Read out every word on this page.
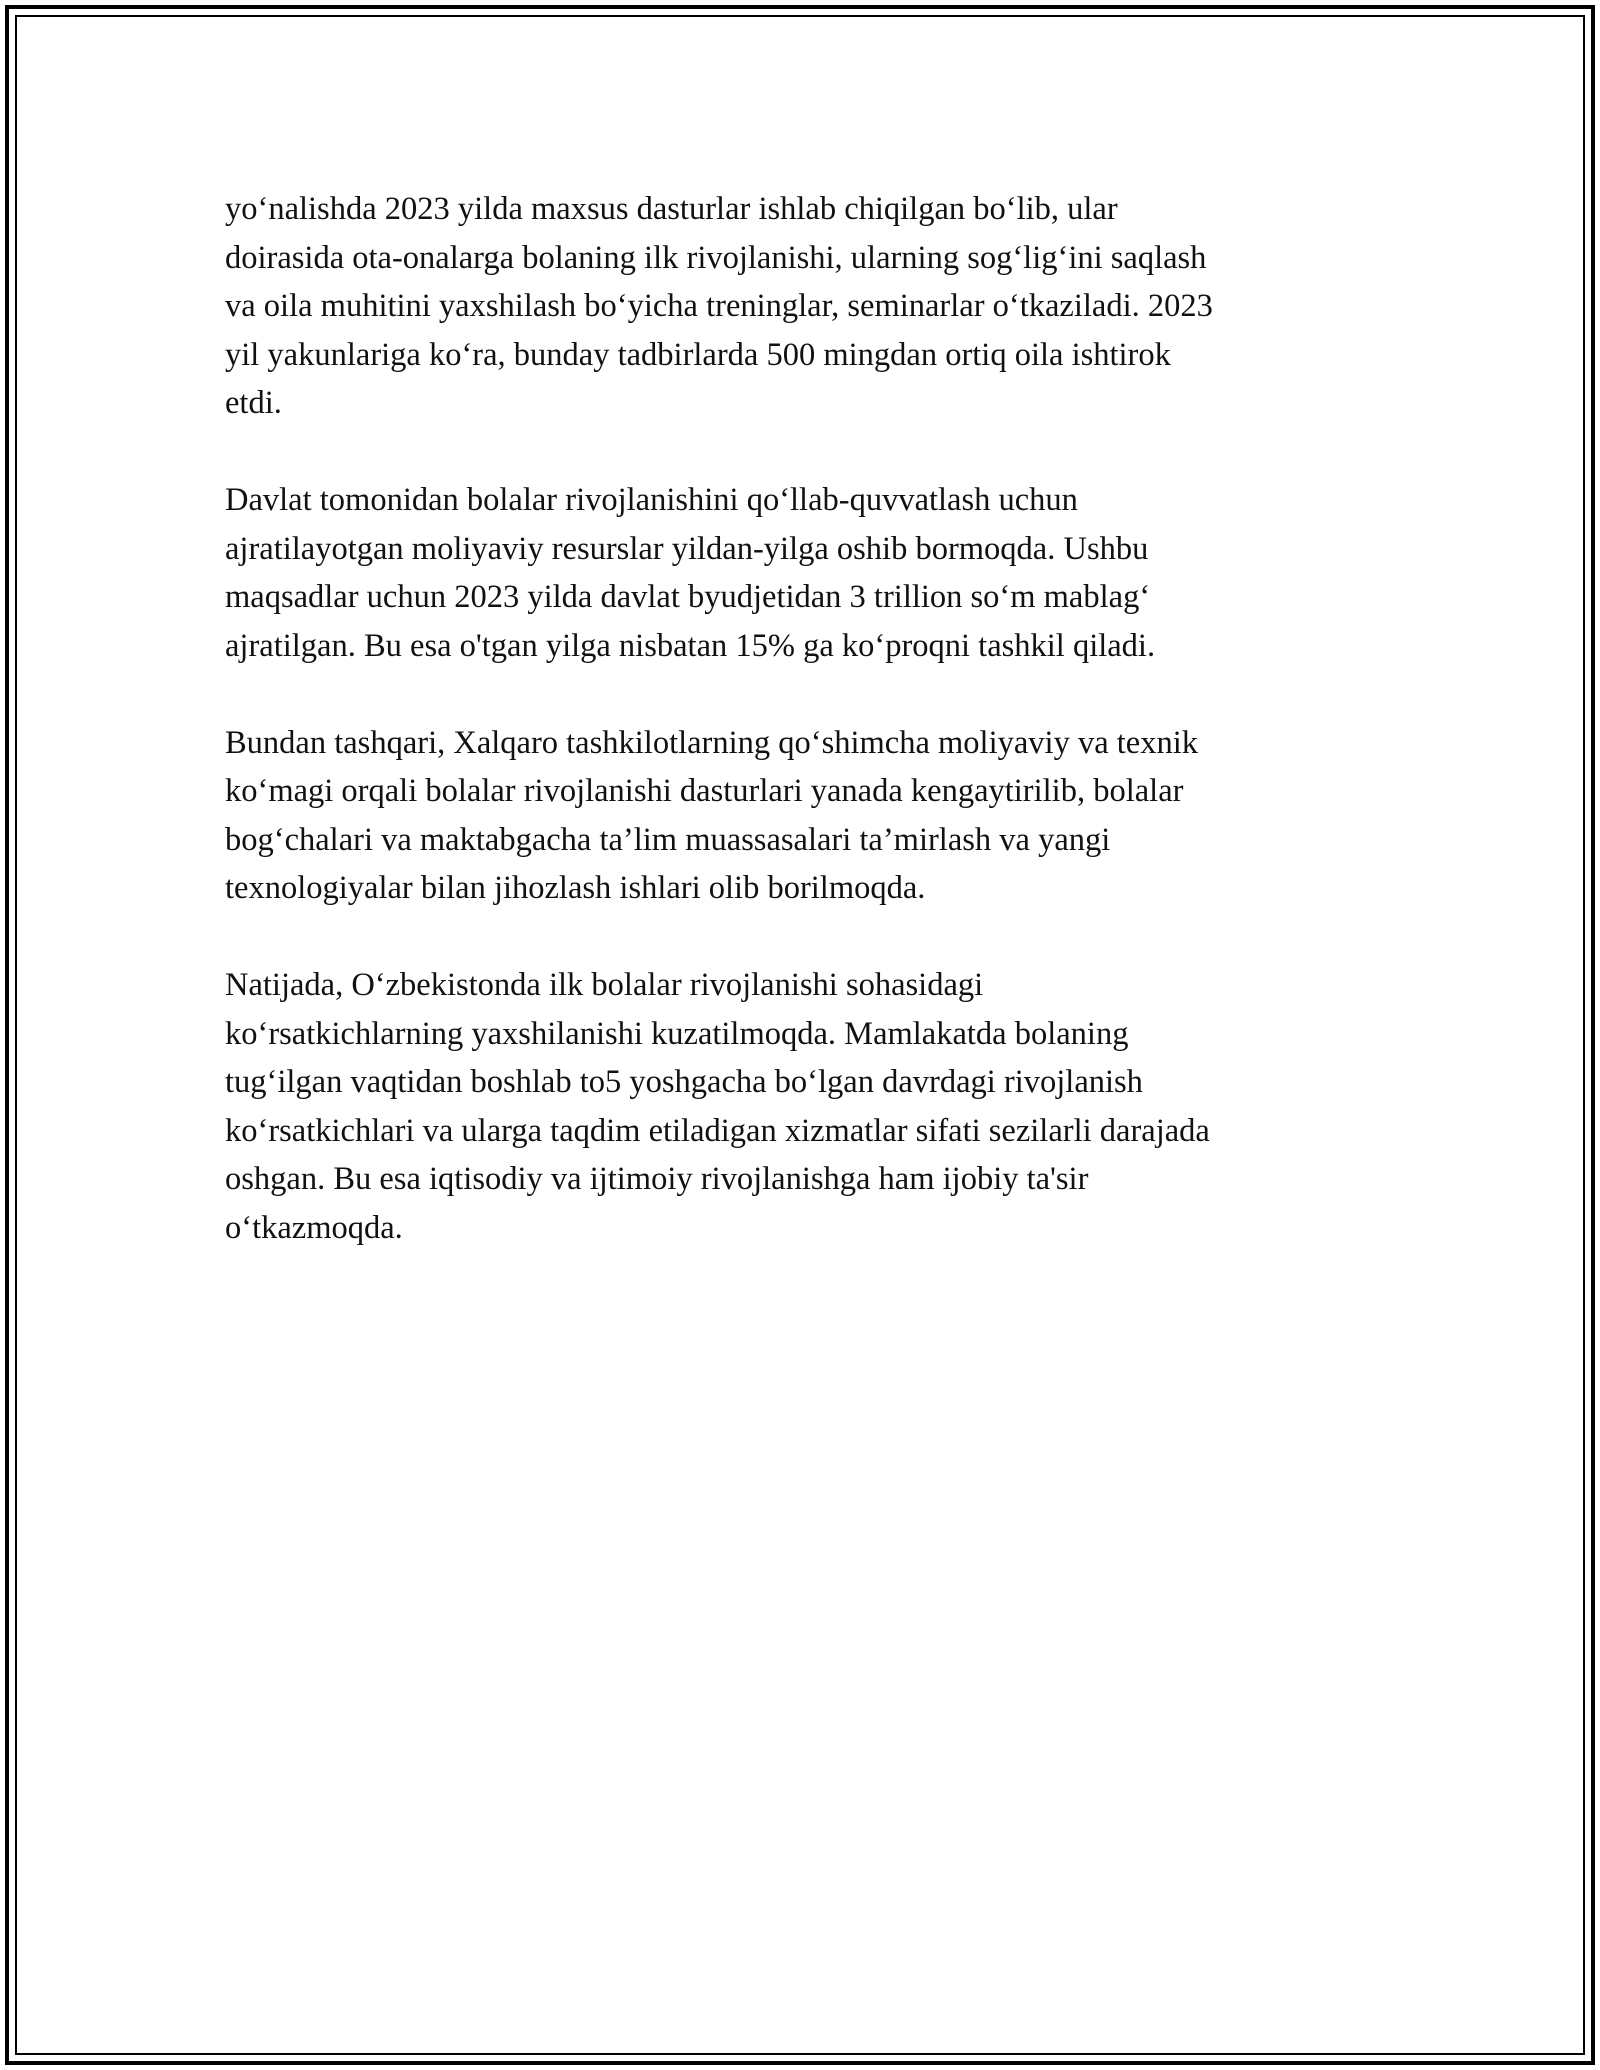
yo‘nalishda 2023 yilda maxsus dasturlar ishlab chiqilgan bo‘lib, ular
doirasida ota-onalarga bolaning ilk rivojlanishi, ularning sog‘lig‘ini saqlash
va oila muhitini yaxshilash bo‘yicha treninglar, seminarlar o‘tkaziladi. 2023
yil yakunlariga ko‘ra, bunday tadbirlarda 500 mingdan ortiq oila ishtirok
etdi.

Davlat tomonidan bolalar rivojlanishini qo‘llab-quvvatlash uchun
ajratilayotgan moliyaviy resurslar yildan-yilga oshib bormoqda. Ushbu
maqsadlar uchun 2023 yilda davlat byudjetidan 3 trillion so‘m mablag‘
ajratilgan. Bu esa o'tgan yilga nisbatan 15% ga ko‘proqni tashkil qiladi.

Bundan tashqari, Xalqaro tashkilotlarning qo‘shimcha moliyaviy va texnik
ko‘magi orqali bolalar rivojlanishi dasturlari yanada kengaytirilib, bolalar
bog‘chalari va maktabgacha ta’lim muassasalari ta’mirlash va yangi
texnologiyalar bilan jihozlash ishlari olib borilmoqda.

Natijada, O‘zbekistonda ilk bolalar rivojlanishi sohasidagi
ko‘rsatkichlarning yaxshilanishi kuzatilmoqda. Mamlakatda bolaning
tug‘ilgan vaqtidan boshlab to5 yoshgacha bo‘lgan davrdagi rivojlanish
ko‘rsatkichlari va ularga taqdim etiladigan xizmatlar sifati sezilarli darajada
oshgan. Bu esa iqtisodiy va ijtimoiy rivojlanishga ham ijobiy ta'sir
o‘tkazmoqda.
